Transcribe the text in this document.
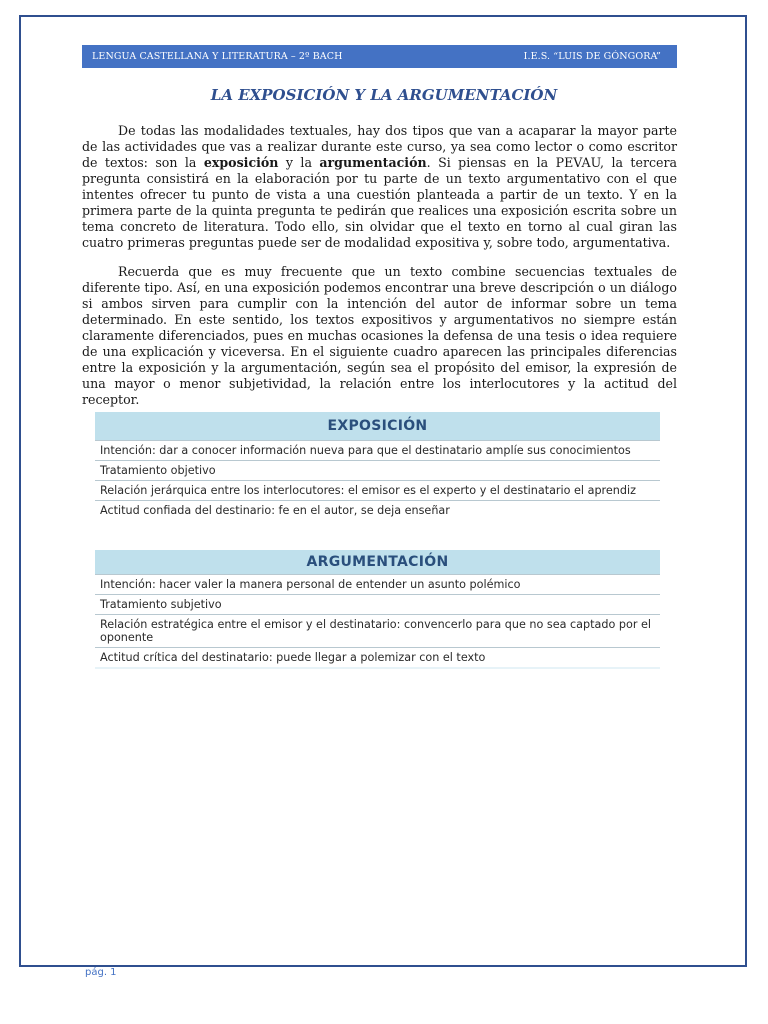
LENGUA CASTELLANA Y LITERATURA – 2º BACH	I.E.S. “LUIS DE GÓNGORA”
LA EXPOSICIÓN Y LA ARGUMENTACIÓN

De todas las modalidades textuales, hay dos tipos que van a acaparar la mayor parte de las actividades que vas a realizar durante este curso, ya sea como lector o como escritor de textos: son la exposición y la argumentación. Si piensas en la PEVAU, la tercera pregunta consistirá en la elaboración por tu parte de un texto argumentativo con el que intentes ofrecer tu punto de vista a una cuestión planteada a partir de un texto. Y en la primera parte de la quinta pregunta te pedirán que realices una exposición escrita sobre un tema concreto de literatura. Todo ello, sin olvidar que el texto en torno al cual giran las cuatro primeras preguntas puede ser de modalidad expositiva y, sobre todo, argumentativa.

Recuerda que es muy frecuente que un texto combine secuencias textuales de diferente tipo. Así, en una exposición podemos encontrar una breve descripción o un diálogo si ambos sirven para cumplir con la intención del autor de informar sobre un tema determinado. En este sentido, los textos expositivos y argumentativos no siempre están claramente diferenciados, pues en muchas ocasiones la defensa de una tesis o idea requiere de una explicación y viceversa. En el siguiente cuadro aparecen las principales diferencias entre la exposición y la argumentación, según sea el propósito del emisor, la expresión de una mayor o menor subjetividad, la relación entre los interlocutores y la actitud del receptor.

EXPOSICIÓN
Intención: dar a conocer información nueva para que el destinatario amplíe sus conocimientos
Tratamiento objetivo
Relación jerárquica entre los interlocutores: el emisor es el experto y el destinatario el aprendiz
Actitud confiada del destinario: fe en el autor, se deja enseñar
ARGUMENTACIÓN
Intención: hacer valer la manera personal de entender un asunto polémico
Tratamiento subjetivo
Relación estratégica entre el emisor y el destinatario: convencerlo para que no sea captado por el oponente
Actitud crítica del destinatario: puede llegar a polemizar con el texto
pág. 1
